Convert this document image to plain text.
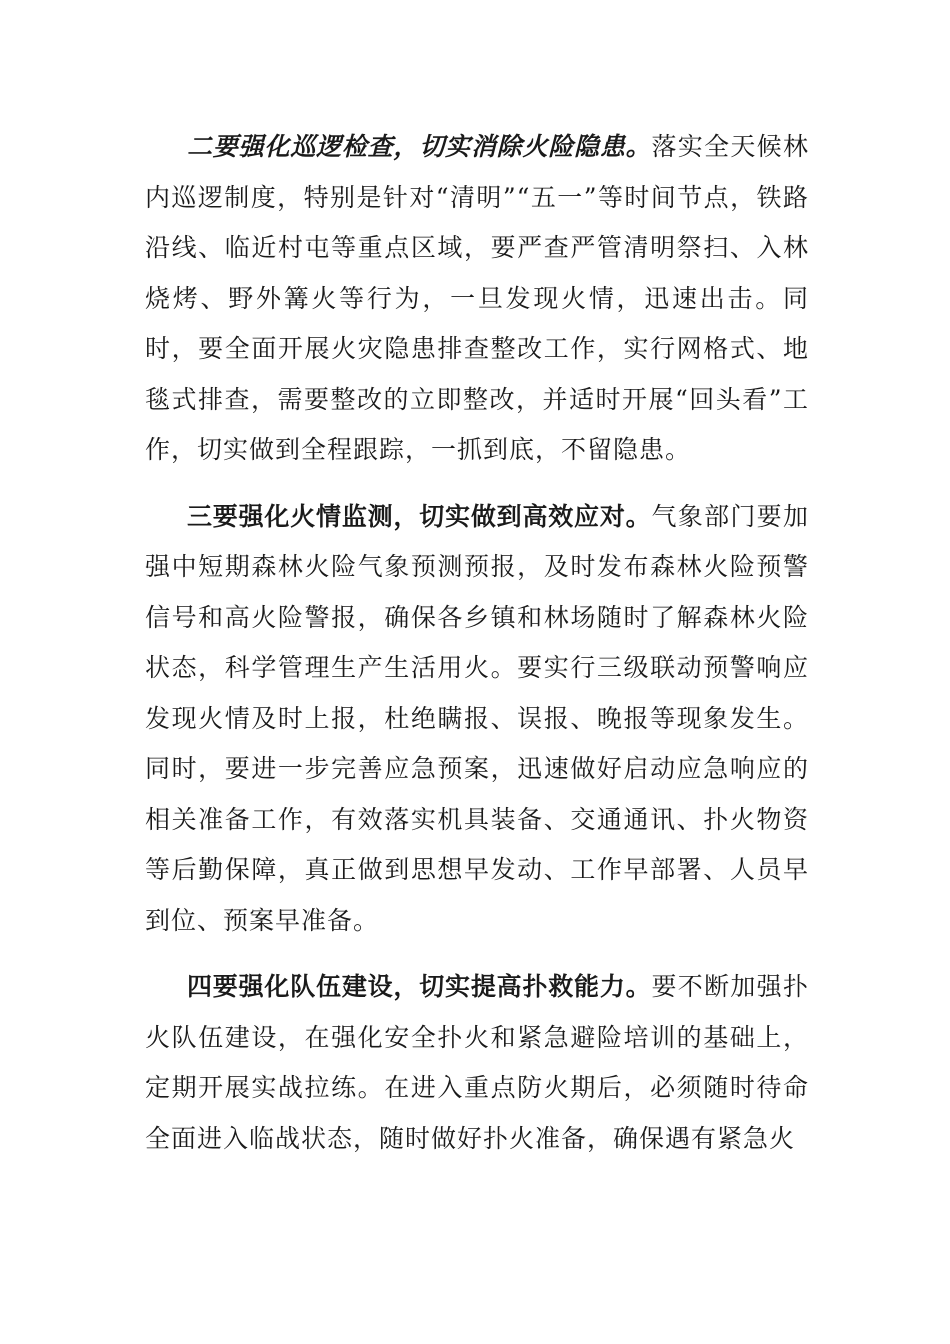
二要强化巡逻检查，切实消除火险隐患。落实全天候林内巡逻制度，特别是针对“清明”“五一”等时间节点，铁路沿线、临近村屯等重点区域，要严查严管清明祭扫、入林烧烤、野外篝火等行为，一旦发现火情，迅速出击。同时，要全面开展火灾隐患排查整改工作，实行网格式、地毯式排查，需要整改的立即整改，并适时开展“回头看”工作，切实做到全程跟踪，一抓到底，不留隐患。

三要强化火情监测，切实做到高效应对。气象部门要加强中短期森林火险气象预测预报，及时发布森林火险预警信号和高火险警报，确保各乡镇和林场随时了解森林火险状态，科学管理生产生活用火。要实行三级联动预警响应发现火情及时上报，杜绝瞒报、误报、晚报等现象发生。同时，要进一步完善应急预案，迅速做好启动应急响应的相关准备工作，有效落实机具装备、交通通讯、扑火物资等后勤保障，真正做到思想早发动、工作早部署、人员早到位、预案早准备。

四要强化队伍建设，切实提高扑救能力。要不断加强扑火队伍建设，在强化安全扑火和紧急避险培训的基础上，定期开展实战拉练。在进入重点防火期后，必须随时待命全面进入临战状态，随时做好扑火准备，确保遇有紧急火
